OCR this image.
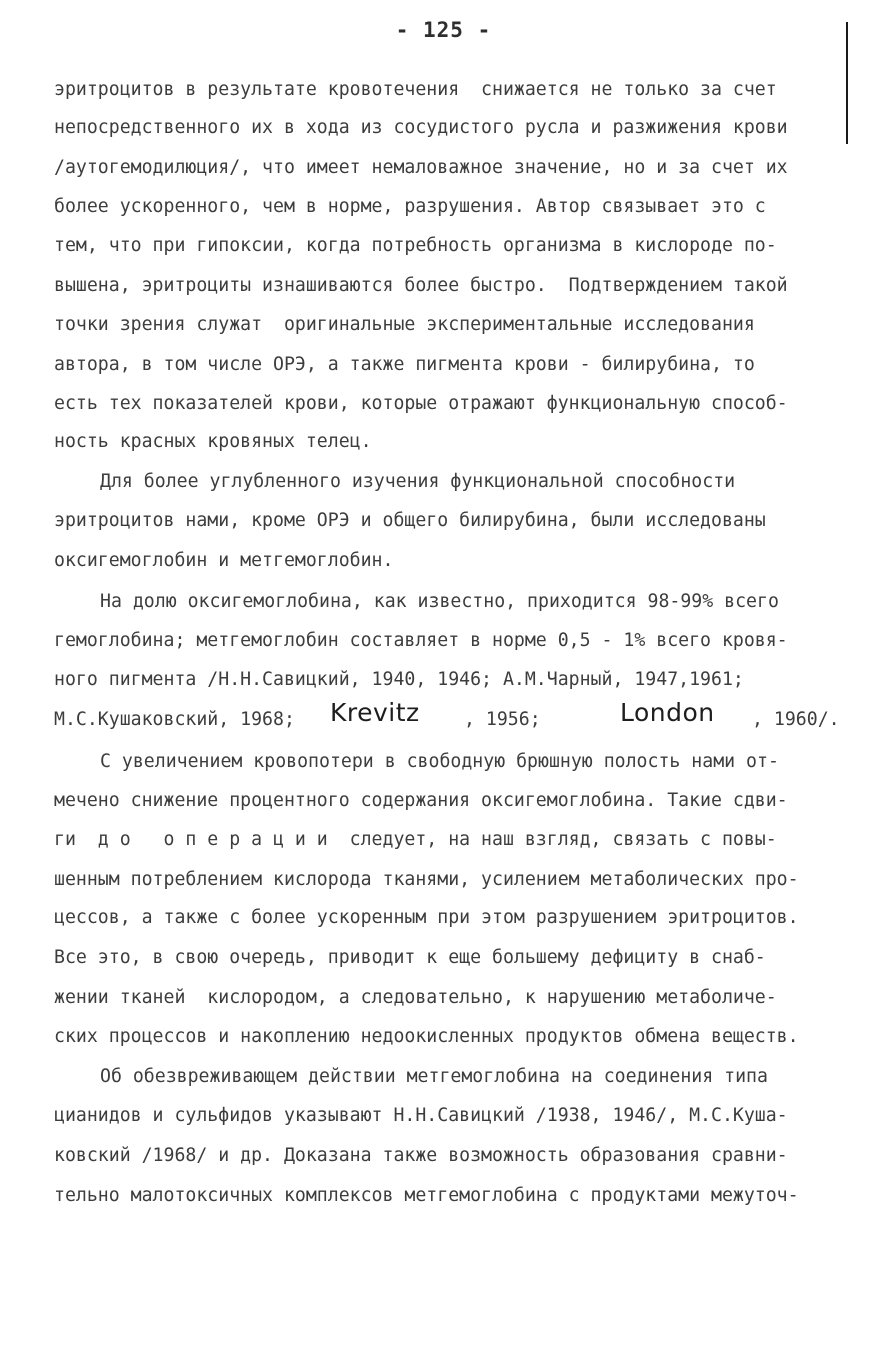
- 125 -
эритроцитов в результате кровотечения  снижается не только за счет
непосредственного их в хода из сосудистого русла и разжижения крови
/аутогемодилюция/, что имеет немаловажное значение, но и за счет их
более ускоренного, чем в норме, разрушения. Автор связывает это с
тем, что при гипоксии, когда потребность организма в кислороде по-
вышена, эритроциты изнашиваются более быстро.  Подтверждением такой
точки зрения служат  оригинальные экспериментальные исследования
автора, в том числе ОРЭ, а также пигмента крови - билирубина, то
есть тех показателей крови, которые отражают функциональную способ-
ность красных кровяных телец.
Для более углубленного изучения функциональной способности
эритроцитов нами, кроме ОРЭ и общего билирубина, были исследованы
оксигемоглобин и метгемоглобин.
На долю оксигемоглобина, как известно, приходится 98-99% всего
гемоглобина; метгемоглобин составляет в норме 0,5 - 1% всего кровя-
ного пигмента /Н.Н.Савицкий, 1940, 1946; А.М.Чарный, 1947,1961;
М.С.Кушаковский, 1968; Krevitz , 1956;	London , 1960/.
С увеличением кровопотери в свободную брюшную полость нами от-
мечено снижение процентного содержания оксигемоглобина. Такие сдви-
ги  д о   о п е р а ц и и  следует, на наш взгляд, связать с повы-
шенным потреблением кислорода тканями, усилением метаболических про-
цессов, а также с более ускоренным при этом разрушением эритроцитов.
Все это, в свою очередь, приводит к еще большему дефициту в снаб-
жении тканей  кислородом, а следовательно, к нарушению метаболиче-
ских процессов и накоплению недоокисленных продуктов обмена веществ.
Об обезвреживающем действии метгемоглобина на соединения типа
цианидов и сульфидов указывают Н.Н.Савицкий /1938, 1946/, М.С.Куша-
ковский /1968/ и др. Доказана также возможность образования сравни-
тельно малотоксичных комплексов метгемоглобина с продуктами межуточ-
